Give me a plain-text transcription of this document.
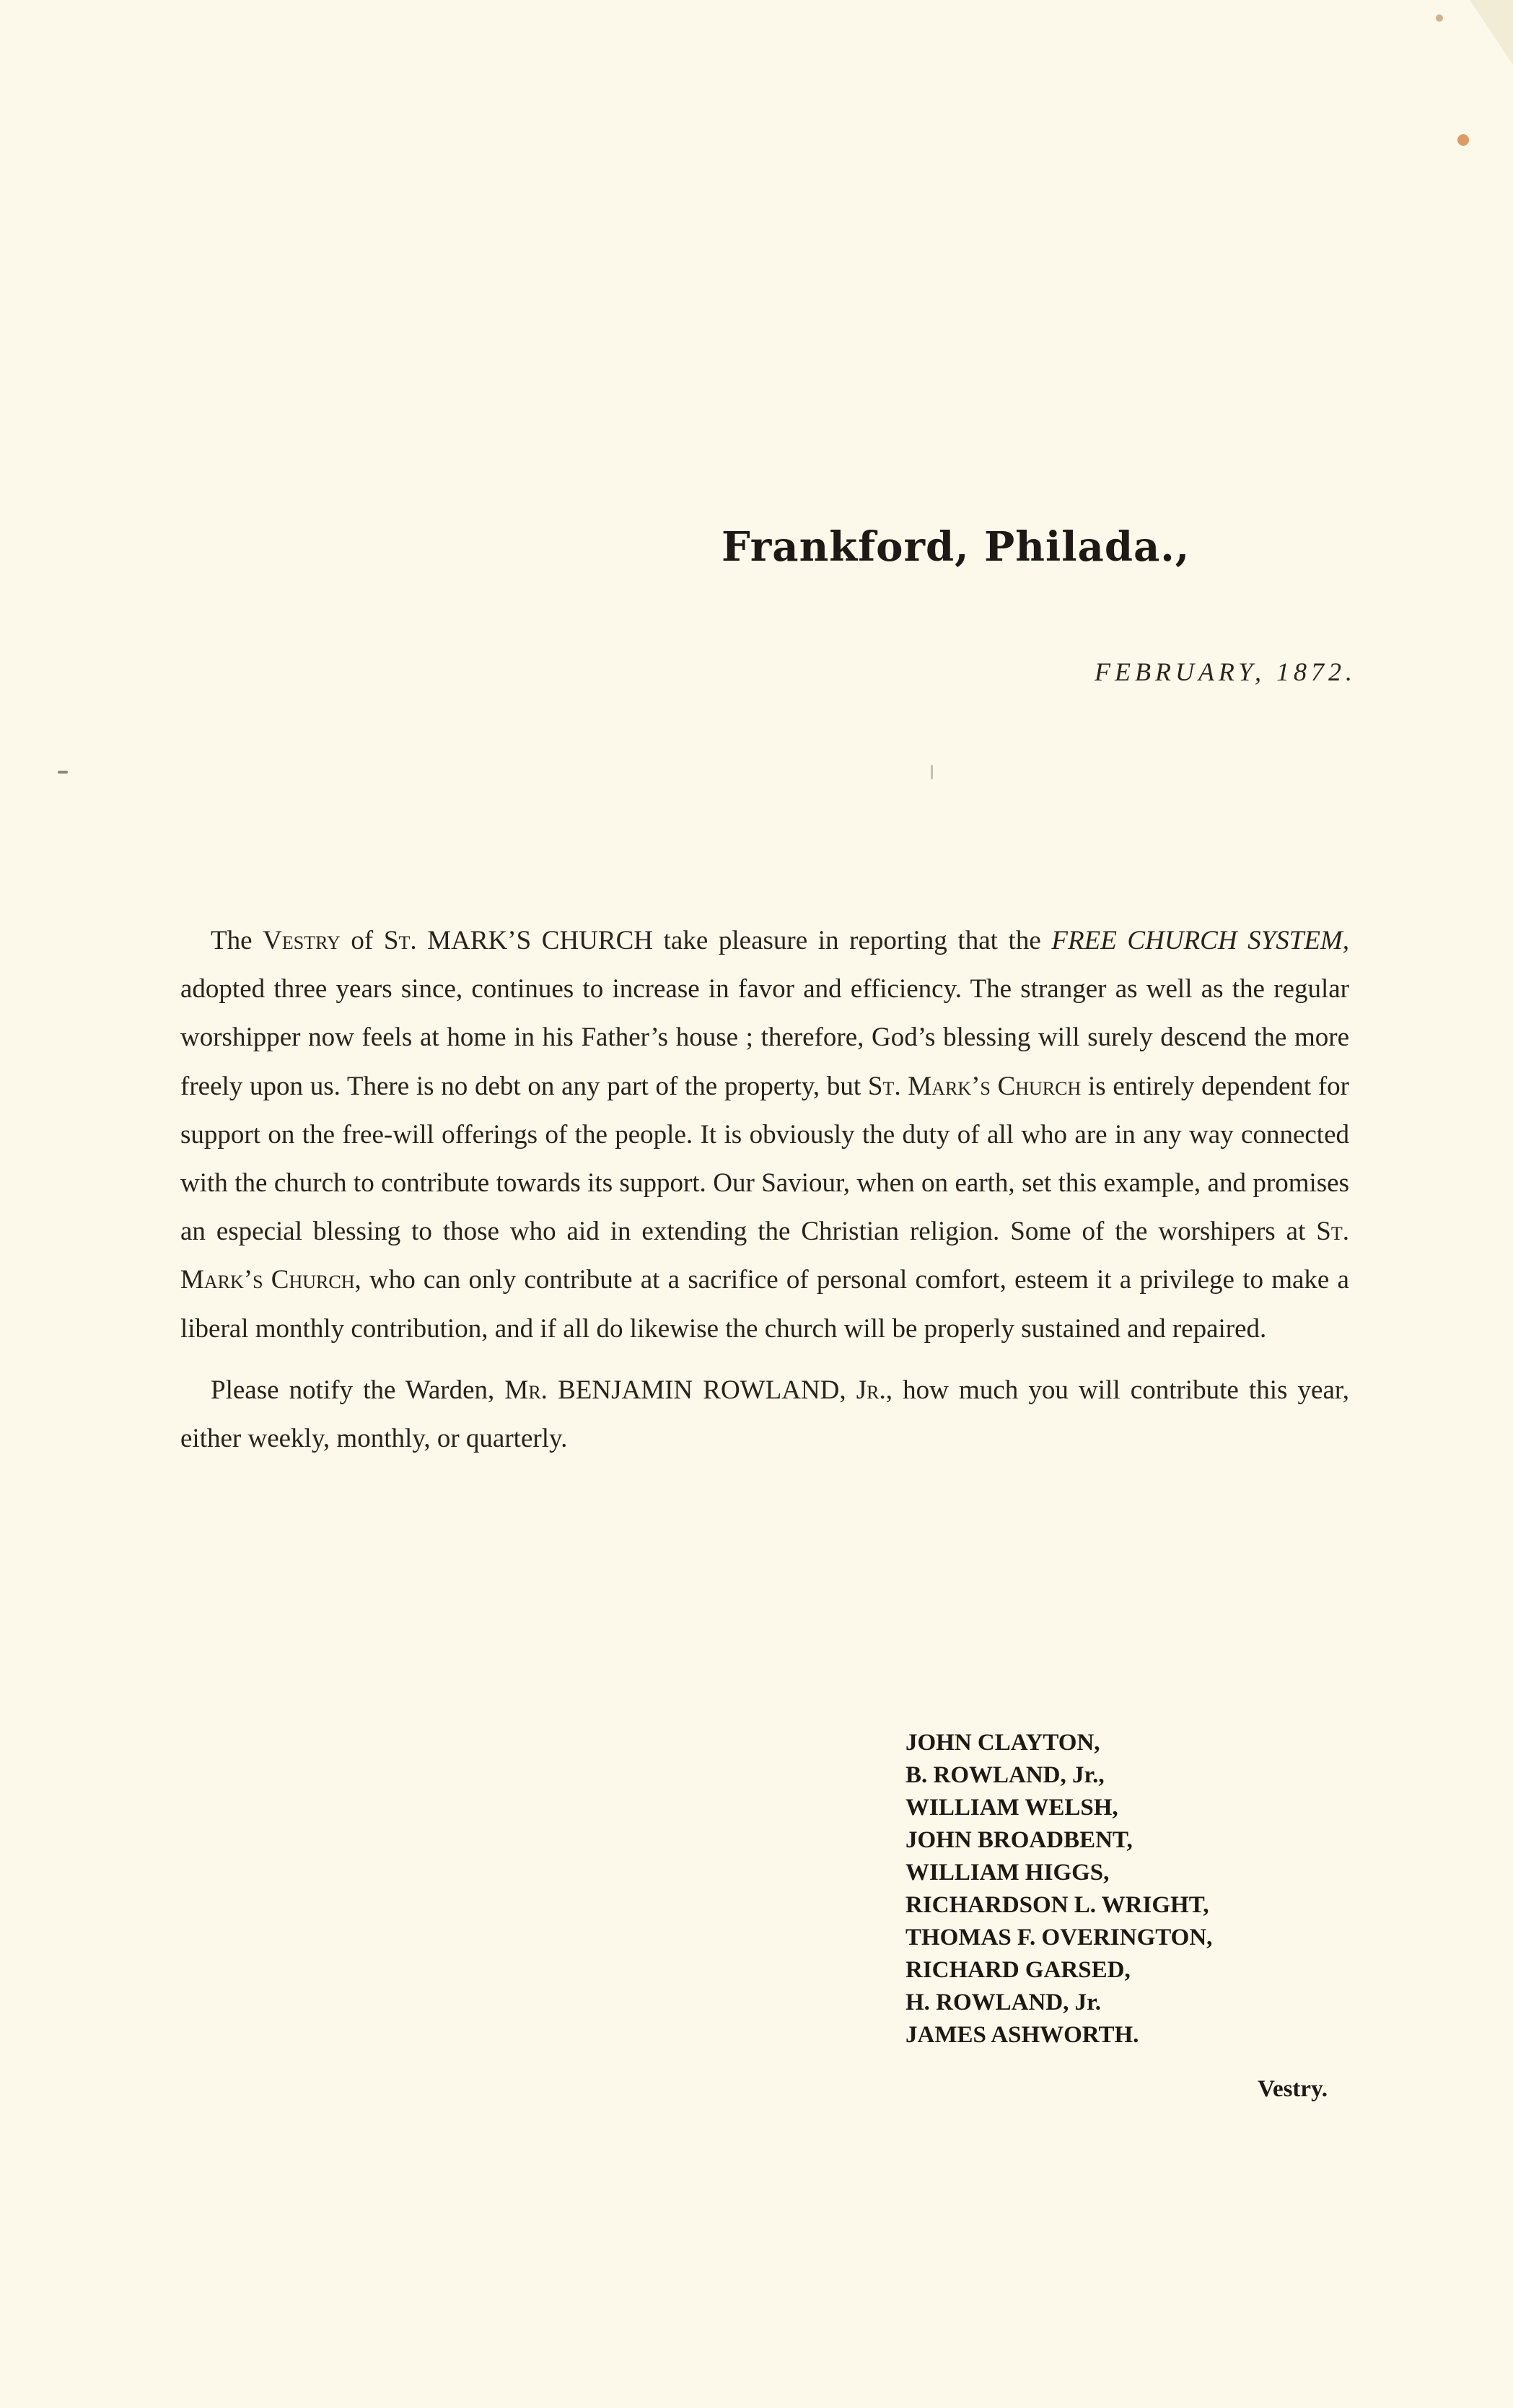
Frankford, Philada.,
FEBRUARY, 1872.

The Vestry of St. MARK’S CHURCH take pleasure in reporting that the FREE CHURCH SYSTEM, adopted three years since, continues to increase in favor and efficiency. The stranger as well as the regular worshipper now feels at home in his Father’s house ; therefore, God’s blessing will surely descend the more freely upon us. There is no debt on any part of the property, but St. Mark’s Church is entirely dependent for support on the free-will offerings of the people. It is obviously the duty of all who are in any way connected with the church to contribute towards its support. Our Saviour, when on earth, set this example, and promises an especial blessing to those who aid in extending the Christian religion. Some of the worshipers at St. Mark’s Church, who can only contribute at a sacrifice of personal comfort, esteem it a privilege to make a liberal monthly contribution, and if all do likewise the church will be properly sustained and repaired.

Please notify the Warden, Mr. BENJAMIN ROWLAND, Jr., how much you will contribute this year, either weekly, monthly, or quarterly.

JOHN CLAYTON,
B. ROWLAND, Jr.,
WILLIAM WELSH,
JOHN BROADBENT,
WILLIAM HIGGS,
RICHARDSON L. WRIGHT,
THOMAS F. OVERINGTON,
RICHARD GARSED,
H. ROWLAND, Jr.
JAMES ASHWORTH.
Vestry.
